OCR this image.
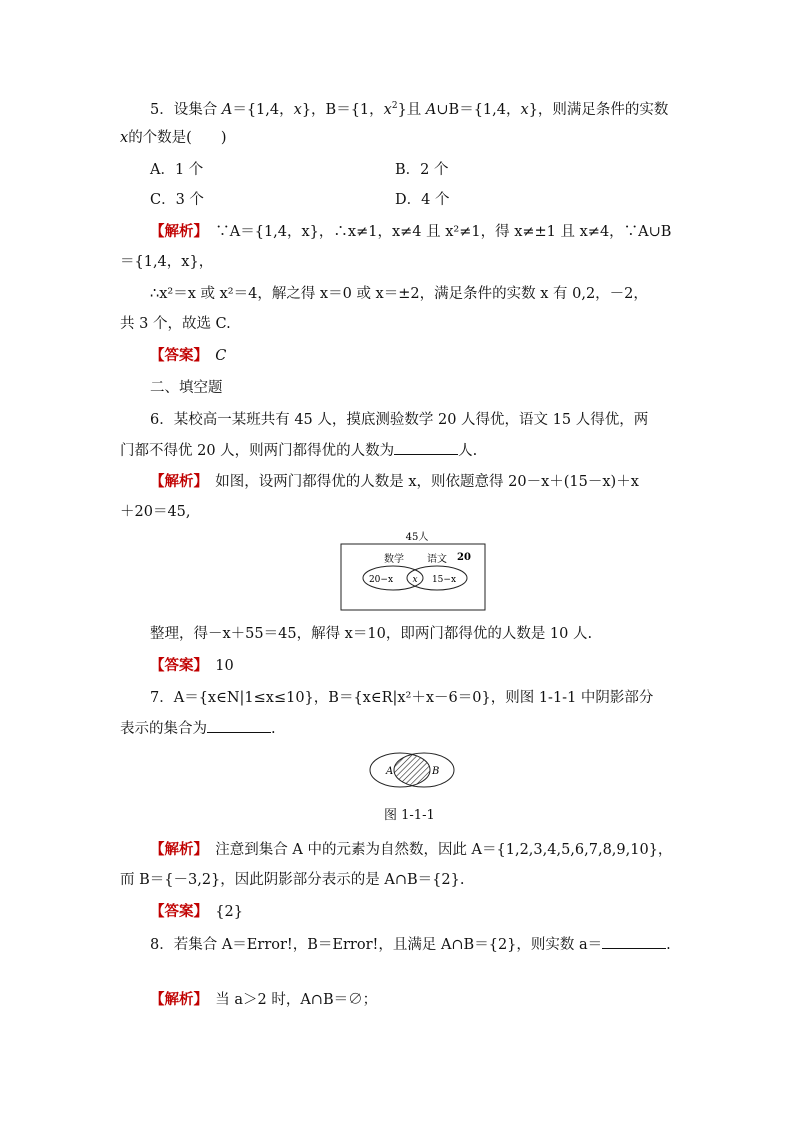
5．设集合 A＝{1,4，x}，B＝{1，$x^2$}且 A∪B＝{1,4，x}，则满足条件的实数
x的个数是(　　)
A．1 个	B．2 个
C．3 个	D．4 个
【解析】　∵A＝{1,4，x}，∴x≠1，x≠4 且 x²≠1，得 x≠±1 且 x≠4，∵A∪B
＝{1,4，x}，
∴x²＝x 或 x²＝4，解之得 x＝0 或 x＝±2，满足条件的实数 x 有 0,2，－2，
共 3 个，故选 C.
【答案】　 C
二、填空题
6．某校高一某班共有 45 人，摸底测验数学 20 人得优，语文 15 人得优，两
门都不得优 20 人，则两门都得优的人数为	人.
【解析】　如图，设两门都得优的人数是 x，则依题意得 20－x＋(15－x)＋x
＋20＝45,
45人
数学 语文 20
20−x x 15−x
整理，得－x＋55＝45，解得 x＝10，即两门都得优的人数是 10 人.
【答案】　 10
7．A＝{x∈N|1≤x≤10}，B＝{x∈R|x²＋x－6＝0}，则图 1-1-1 中阴影部分
表示的集合为	.
A	B
图 1-1-1
【解析】　注意到集合 A 中的元素为自然数，因此 A＝{1,2,3,4,5,6,7,8,9,10}，
而 B＝{－3,2}，因此阴影部分表示的是 A∩B＝{2}.
【答案】　 {2}
8．若集合 A＝Error!，B＝Error!，且满足 A∩B＝{2}，则实数 a＝	.
【解析】　当 a＞2 时，A∩B＝∅；
